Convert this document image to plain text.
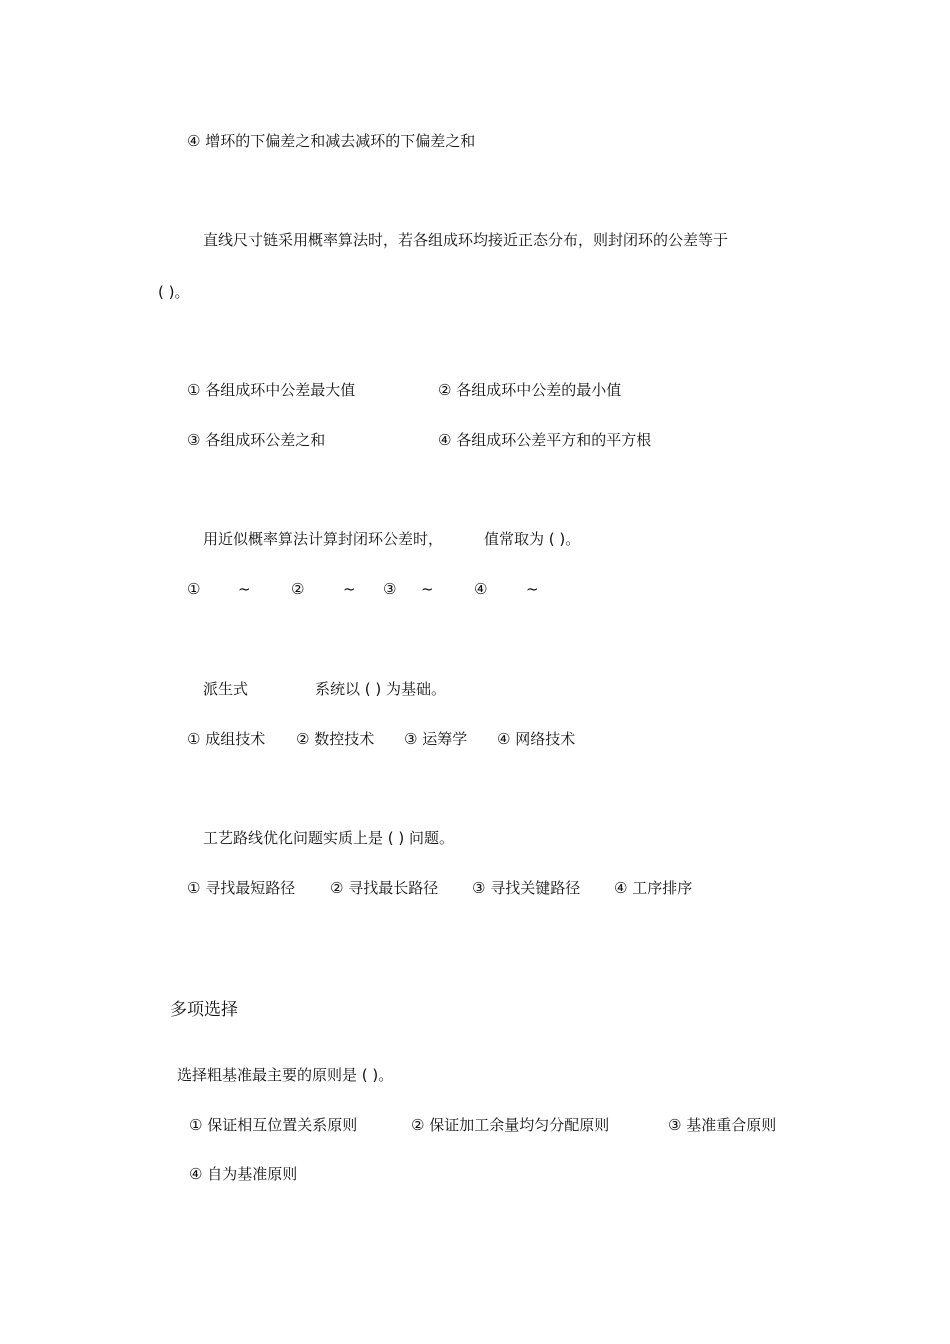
④ 增环的下偏差之和减去减环的下偏差之和
直线尺寸链采用概率算法时，若各组成环均接近正态分布，则封闭环的公差等于
( )。
① 各组成环中公差最大值	② 各组成环中公差的最小值
③ 各组成环公差之和	④ 各组成环公差平方和的平方根
用近似概率算法计算封闭环公差时，	值常取为 ( )。
①	~	②	~ ③ ~	④	~
派生式	系统以 ( ) 为基础。
① 成组技术 ② 数控技术 ③ 运筹学 ④ 网络技术
工艺路线优化问题实质上是 ( ) 问题。
① 寻找最短路径 ② 寻找最长路径 ③ 寻找关键路径 ④ 工序排序
多项选择
选择粗基准最主要的原则是 ( )。
① 保证相互位置关系原则	② 保证加工余量均匀分配原则	③ 基准重合原则
④ 自为基准原则
